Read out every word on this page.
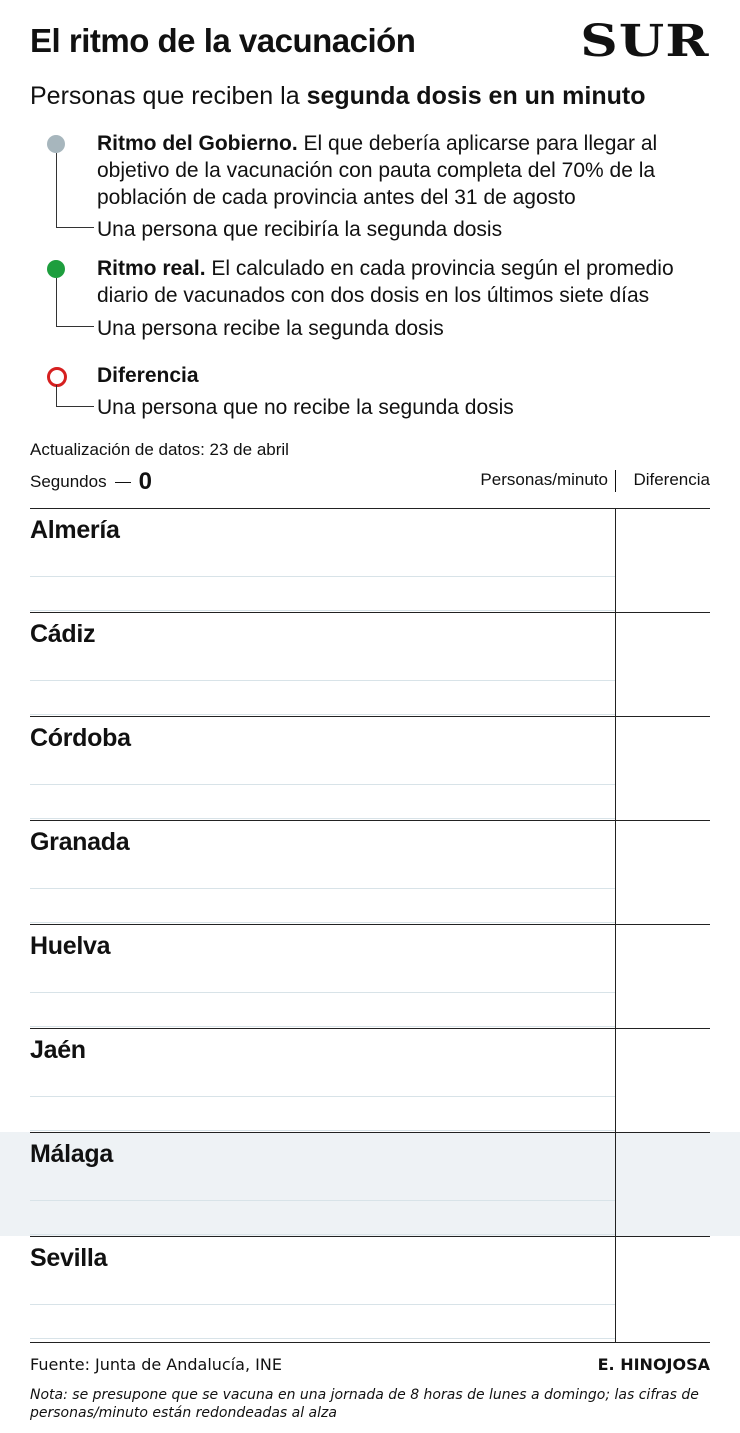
El ritmo de la vacunación	SUR
Personas que reciben la segunda dosis en un minuto
Ritmo del Gobierno. El que debería aplicarse para llegar al objetivo de la vacunación con pauta completa del 70% de la población de cada provincia antes del 31 de agosto
Una persona que recibiría la segunda dosis
Ritmo real. El calculado en cada provincia según el promedio diario de vacunados con dos dosis en los últimos siete días
Una persona recibe la segunda dosis
Diferencia
Una persona que no recibe la segunda dosis
Actualización de datos: 23 de abril
Segundos 0	Personas/minuto Diferencia
Almería
Cádiz
Córdoba
Granada
Huelva
Jaén
Málaga
Sevilla
Fuente: Junta de Andalucía, INE	E. HINOJOSA
Nota: se presupone que se vacuna en una jornada de 8 horas de lunes a domingo; las cifras de personas/minuto están redondeadas al alza
